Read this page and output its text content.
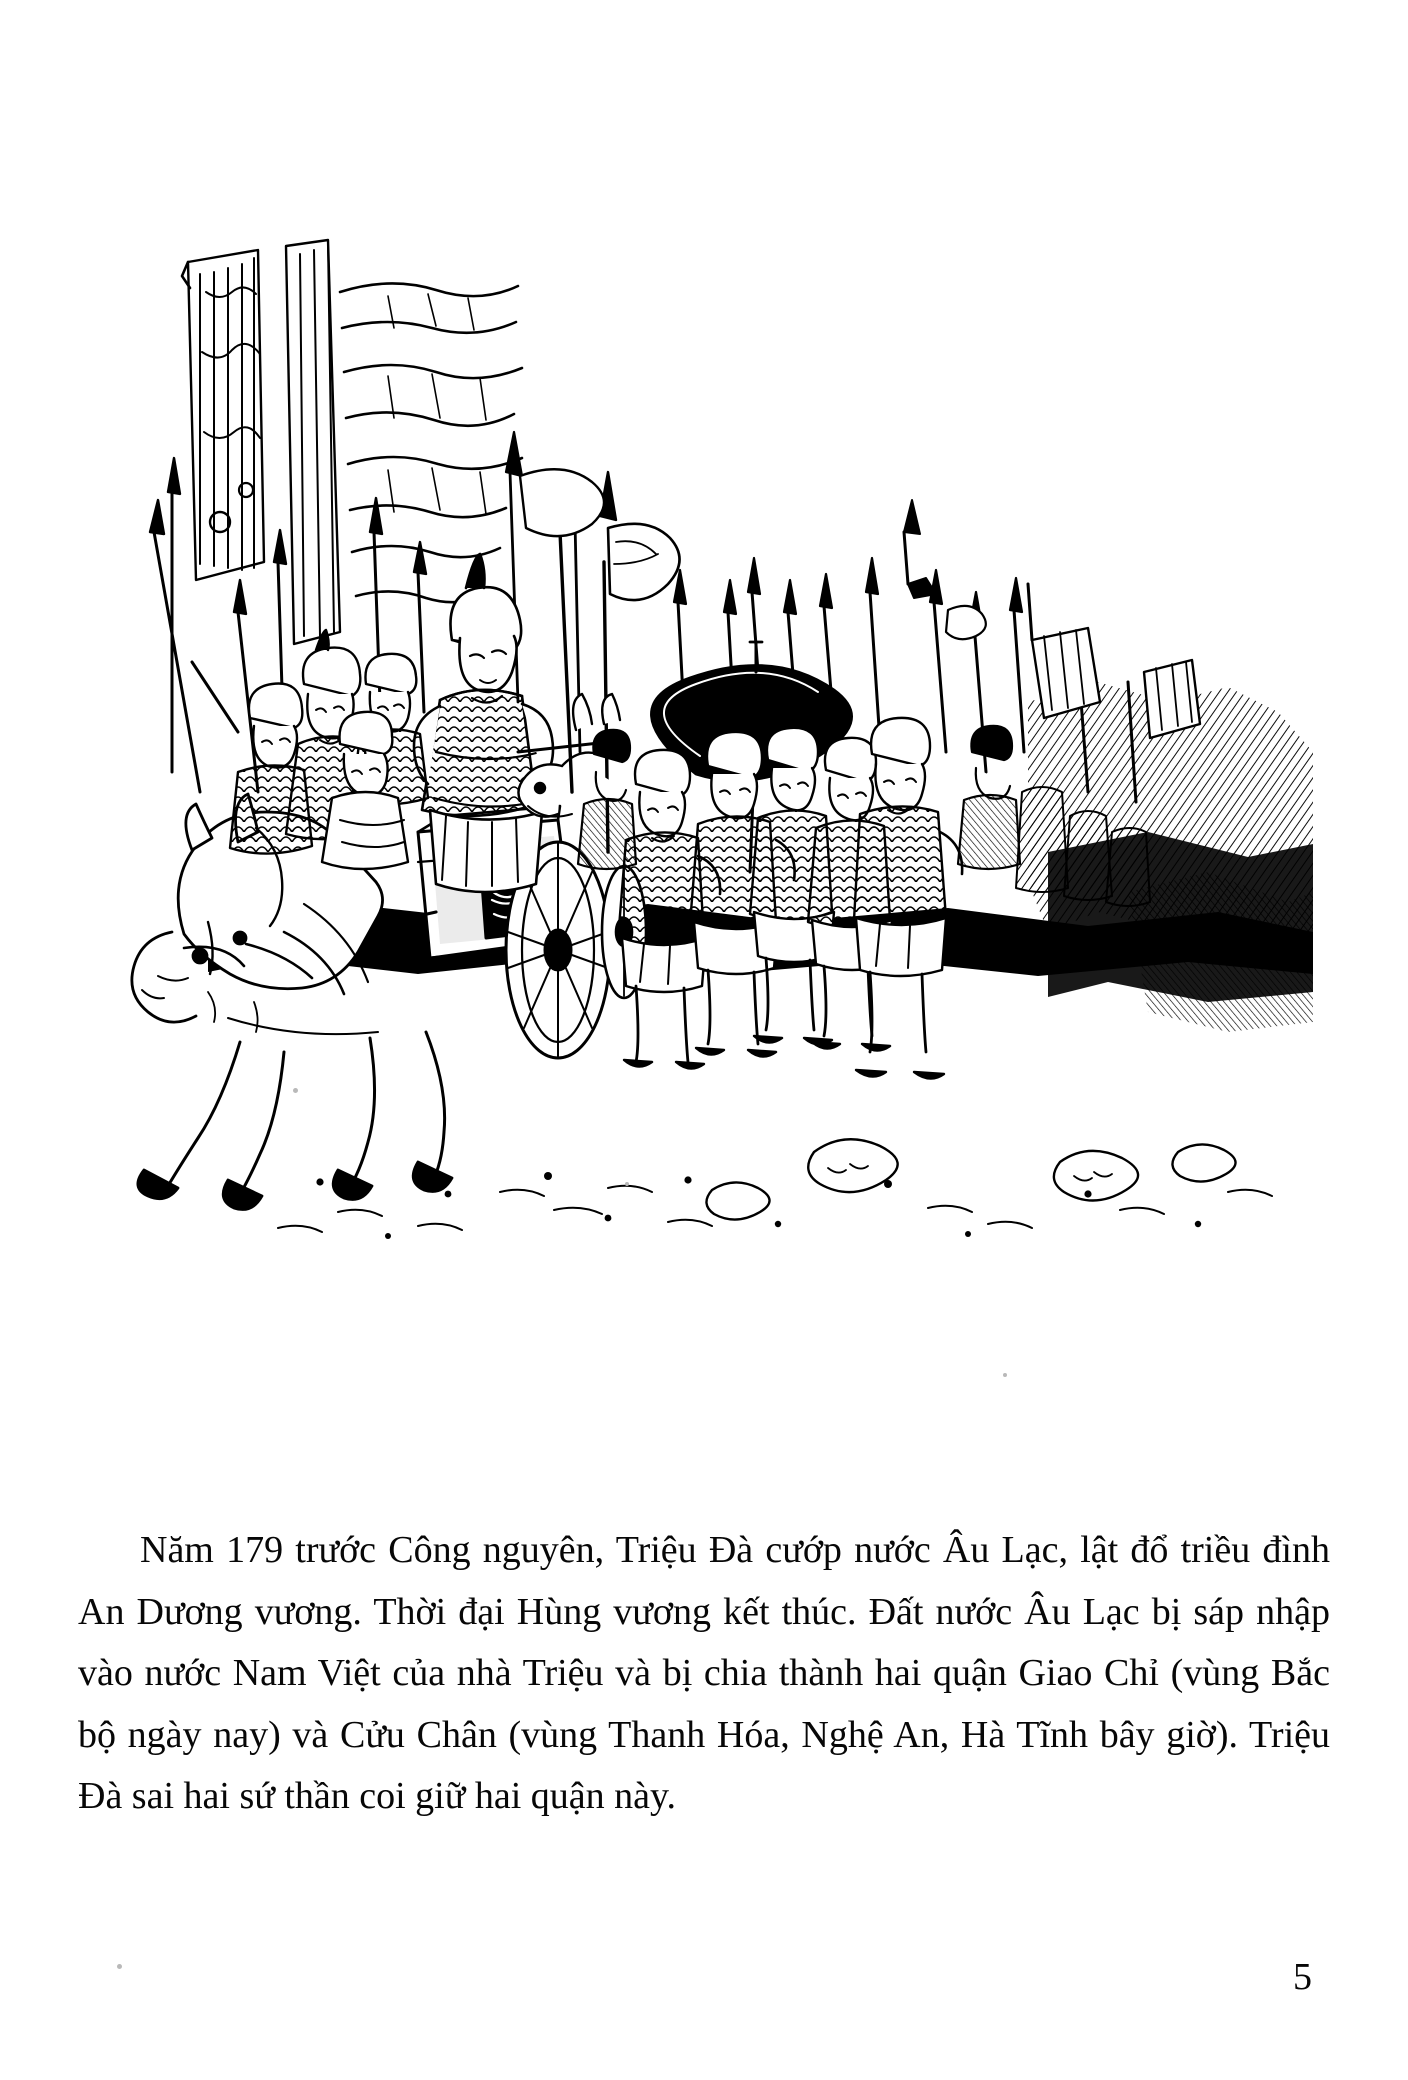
Năm 179 trước Công nguyên, Triệu Đà cướp nước Âu Lạc, lật đổ triều đình An Dương vương. Thời đại Hùng vương kết thúc. Đất nước Âu Lạc bị sáp nhập vào nước Nam Việt của nhà Triệu và bị chia thành hai quận Giao Chỉ (vùng Bắc bộ ngày nay) và Cửu Chân (vùng Thanh Hóa, Nghệ An, Hà Tĩnh bây giờ). Triệu Đà sai hai sứ thần coi giữ hai quận này.

5
